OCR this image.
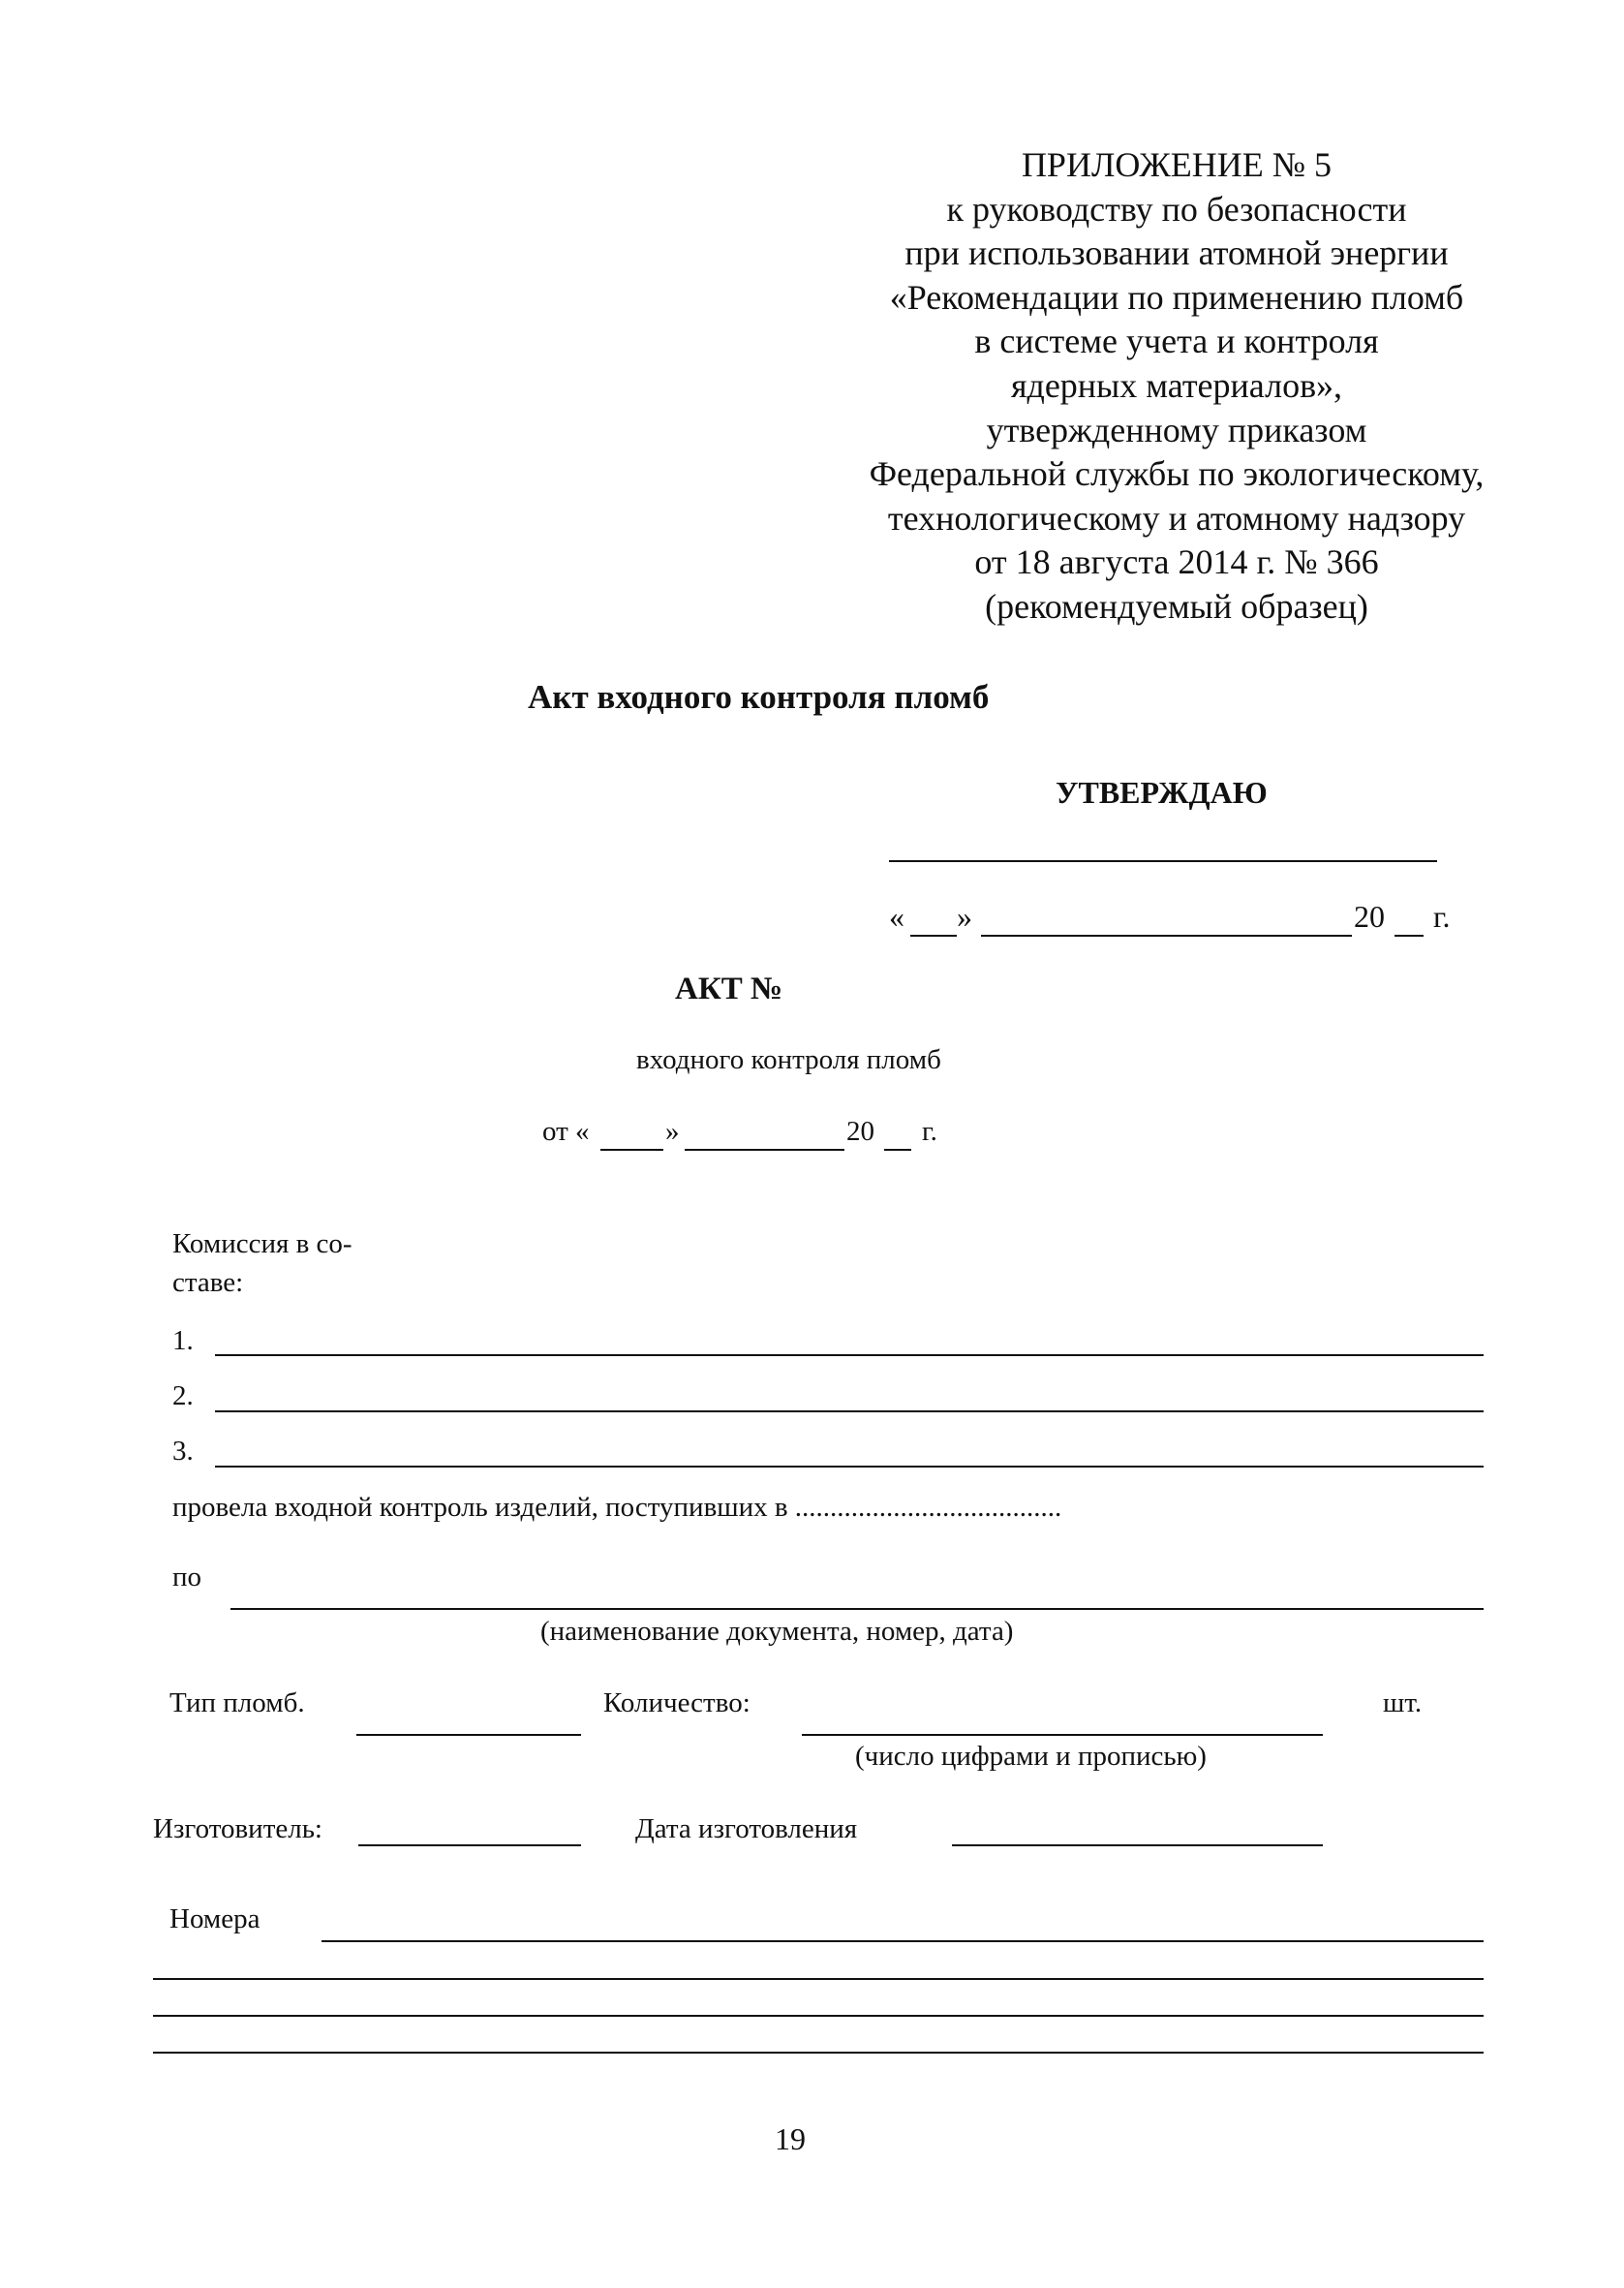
ПРИЛОЖЕНИЕ № 5
к руководству по безопасности
при использовании атомной энергии
«Рекомендации по применению пломб
в системе учета и контроля
ядерных материалов»,
утвержденному приказом
Федеральной службы по экологическому,
технологическому и атомному надзору
от 18 августа 2014 г. № 366
(рекомендуемый образец)
Акт входного контроля пломб
УТВЕРЖДАЮ
« »	20 г.
АКТ №
входного контроля пломб
от «	»	20 г.
Комиссия в со-
ставе:
1.
2.
3.
провела входной контроль изделий, поступивших в ......................................
по
(наименование документа, номер, дата)
Тип пломб.	Количество:	шт.
(число цифрами и прописью)
Изготовитель:	Дата изготовления
Номера
19
